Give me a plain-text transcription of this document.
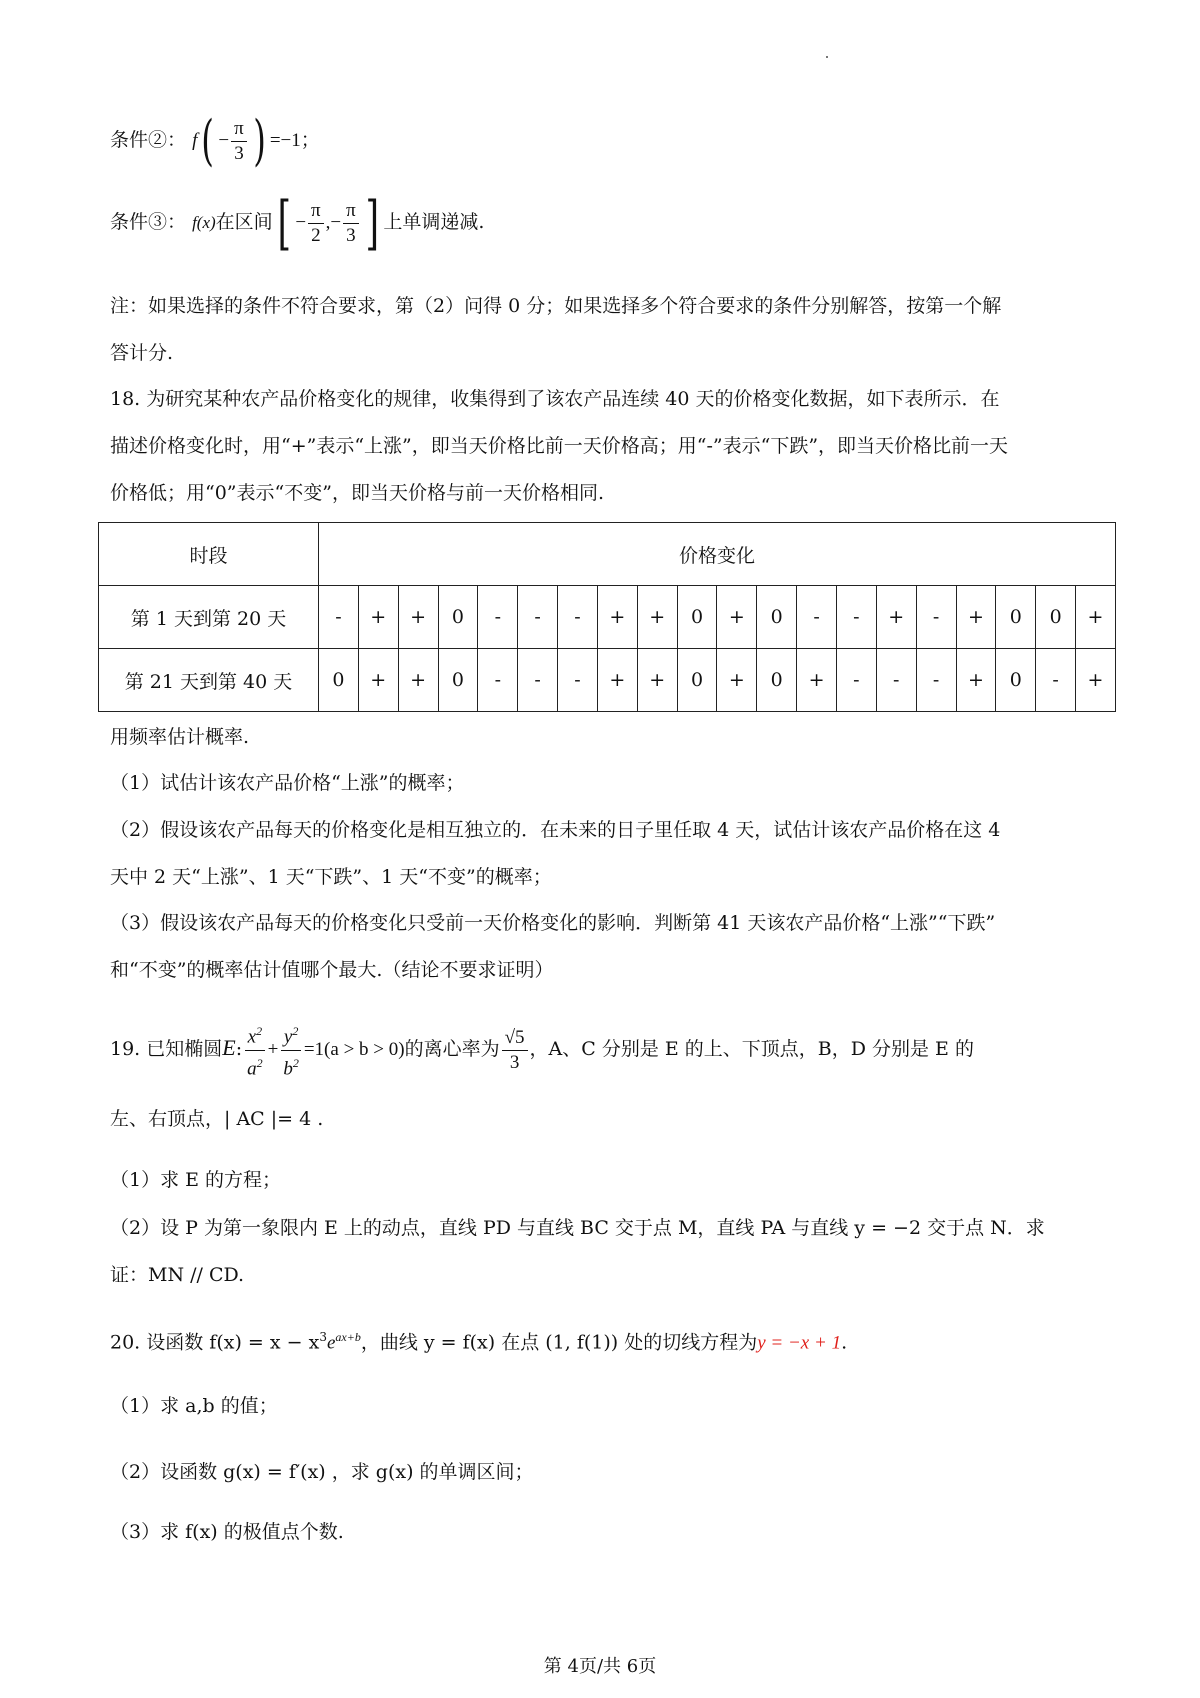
条件②： $f( - \frac{\pi}{3}$ ) =−1；
条件③： f(x)在区间[ − $\frac{\pi}{2}$ ,− $\frac{\pi}{3}$ ] 上单调递减.
注：如果选择的条件不符合要求，第（2）问得 0 分；如果选择多个符合要求的条件分别解答，按第一个解
答计分.
18. 为研究某种农产品价格变化的规律，收集得到了该农产品连续 40 天的价格变化数据，如下表所示．在
描述价格变化时，用“+”表示“上涨”，即当天价格比前一天价格高；用“-”表示“下跌”，即当天价格比前一天
价格低；用“0”表示“不变”，即当天价格与前一天价格相同.
时段	价格变化																			
第 1 天到第 20 天	-	+	+	0	-	-	-	+	+	0	+	0	-	-	+	-	+	0	0	+
第 21 天到第 40 天	0	+	+	0	-	-	-	+	+	0	+	0	+	-	-	-	+	0	-	+
用频率估计概率.
（1）试估计该农产品价格“上涨”的概率；
（2）假设该农产品每天的价格变化是相互独立的．在未来的日子里任取 4 天，试估计该农产品价格在这 4
天中 2 天“上涨”、1 天“下跌”、1 天“不变”的概率；
（3）假设该农产品每天的价格变化只受前一天价格变化的影响．判断第 41 天该农产品价格“上涨”“下跌”
和“不变”的概率估计值哪个最大.（结论不要求证明）
19. 已知椭圆E: $\frac{x^2}{a^2} + \frac{y^2}{b^2} =1(a > b > 0)$的离心率为 $\frac{√5}{3}$ ，A、C 分别是 E 的上、下顶点，B，D 分别是 E 的
左、右顶点，| AC |= 4 .
（1）求 E 的方程；
（2）设 P 为第一象限内 E 上的动点，直线 PD 与直线 BC 交于点 M，直线 PA 与直线 y = −2 交于点 N．求
证：MN // CD.
20. 设函数 $f(x) = x - x^3e^{ax+b}$，曲线 y = f(x) 在点 (1, f(1)) 处的切线方程为y = −x + 1.
（1）求 a,b 的值；
（2）设函数 g(x) = f′(x) ，求 g(x) 的单调区间；
（3）求 f(x) 的极值点个数.
第 4页/共 6页
